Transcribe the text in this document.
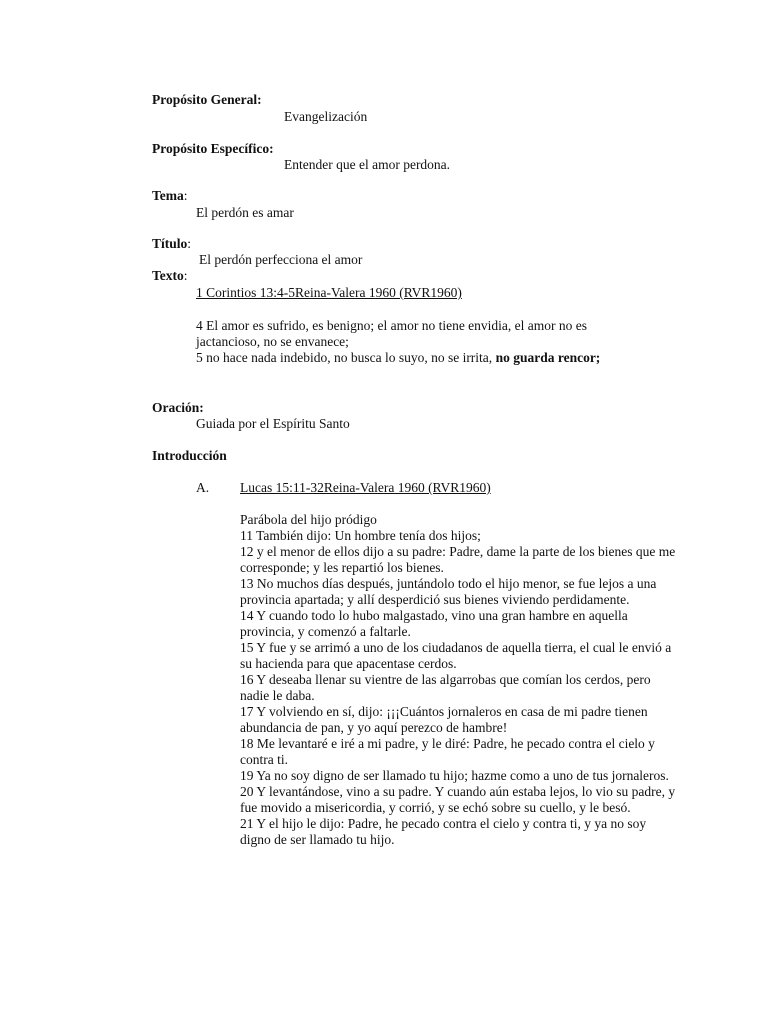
Propósito General:
Evangelización
Propósito Específico:
Entender que el amor perdona.
Tema:
El perdón es amar
Título:
El perdón perfecciona el amor
Texto:
1 Corintios 13:4-5Reina-Valera 1960 (RVR1960)
4 El amor es sufrido, es benigno; el amor no tiene envidia, el amor no es
jactancioso, no se envanece;
5 no hace nada indebido, no busca lo suyo, no se irrita, no guarda rencor;
Oración:
Guiada por el Espíritu Santo
Introducción
A. Lucas 15:11-32Reina-Valera 1960 (RVR1960)
Parábola del hijo pródigo
11 También dijo: Un hombre tenía dos hijos;
12 y el menor de ellos dijo a su padre: Padre, dame la parte de los bienes que me corresponde; y les repartió los bienes.
13 No muchos días después, juntándolo todo el hijo menor, se fue lejos a una provincia apartada; y allí desperdició sus bienes viviendo perdidamente.
14 Y cuando todo lo hubo malgastado, vino una gran hambre en aquella provincia, y comenzó a faltarle.
15 Y fue y se arrimó a uno de los ciudadanos de aquella tierra, el cual le envió a su hacienda para que apacentase cerdos.
16 Y deseaba llenar su vientre de las algarrobas que comían los cerdos, pero nadie le daba.
17 Y volviendo en sí, dijo: ¡¡¡Cuántos jornaleros en casa de mi padre tienen abundancia de pan, y yo aquí perezco de hambre!
18 Me levantaré e iré a mi padre, y le diré: Padre, he pecado contra el cielo y contra ti.
19 Ya no soy digno de ser llamado tu hijo; hazme como a uno de tus jornaleros.
20 Y levantándose, vino a su padre. Y cuando aún estaba lejos, lo vio su padre, y fue movido a misericordia, y corrió, y se echó sobre su cuello, y le besó.
21 Y el hijo le dijo: Padre, he pecado contra el cielo y contra ti, y ya no soy digno de ser llamado tu hijo.
